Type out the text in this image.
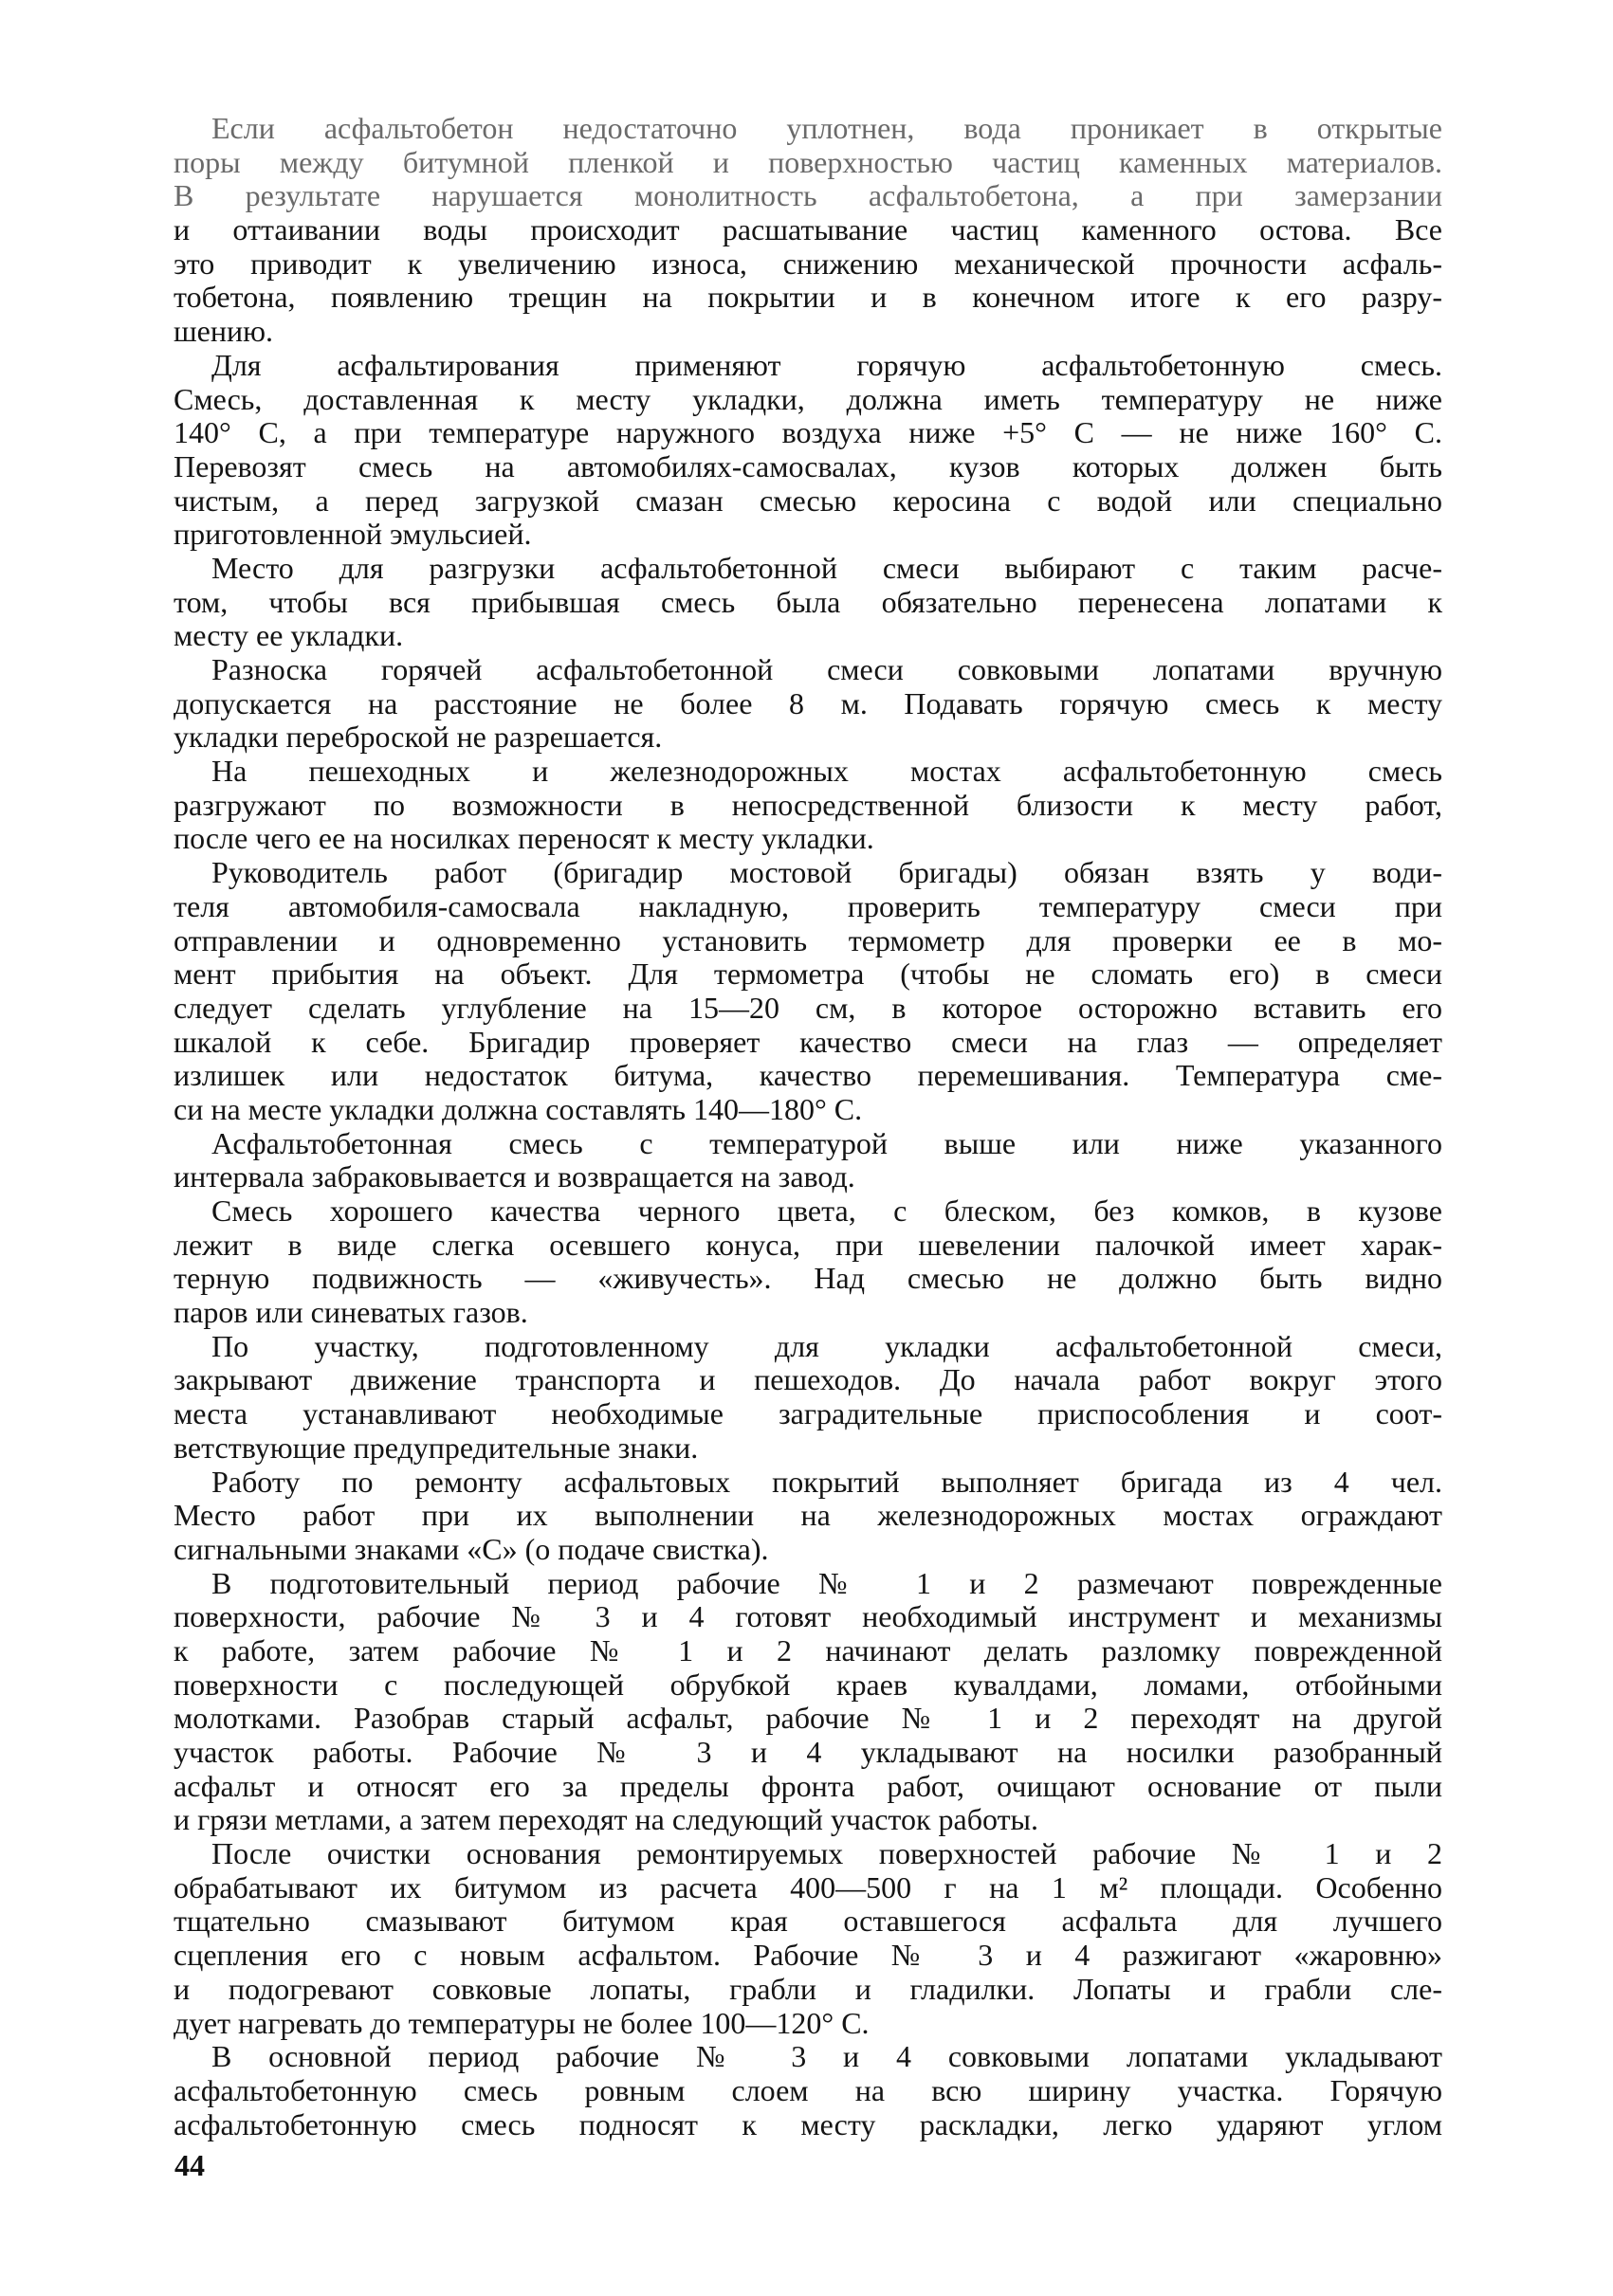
Если асфальтобетон недостаточно уплотнен, вода проникает в открытые
поры между битумной пленкой и поверхностью частиц каменных материалов.
В результате нарушается монолитность асфальтобетона, а при замерзании
и оттаивании воды происходит расшатывание частиц каменного остова. Все
это приводит к увеличению износа, снижению механической прочности асфаль-
тобетона, появлению трещин на покрытии и в конечном итоге к его разру-
шению.
Для асфальтирования применяют горячую асфальтобетонную смесь.
Смесь, доставленная к месту укладки, должна иметь температуру не ниже
140° С, а при температуре наружного воздуха ниже +5° С — не ниже 160° С.
Перевозят смесь на автомобилях-самосвалах, кузов которых должен быть
чистым, а перед загрузкой смазан смесью керосина с водой или специально
приготовленной эмульсией.
Место для разгрузки асфальтобетонной смеси выбирают с таким расче-
том, чтобы вся прибывшая смесь была обязательно перенесена лопатами к
месту ее укладки.
Разноска горячей асфальтобетонной смеси совковыми лопатами вручную
допускается на расстояние не более 8 м. Подавать горячую смесь к месту
укладки переброской не разрешается.
На пешеходных и железнодорожных мостах асфальтобетонную смесь
разгружают по возможности в непосредственной близости к месту работ,
после чего ее на носилках переносят к месту укладки.
Руководитель работ (бригадир мостовой бригады) обязан взять у води-
теля автомобиля-самосвала накладную, проверить температуру смеси при
отправлении и одновременно установить термометр для проверки ее в мо-
мент прибытия на объект. Для термометра (чтобы не сломать его) в смеси
следует сделать углубление на 15—20 см, в которое осторожно вставить его
шкалой к себе. Бригадир проверяет качество смеси на глаз — определяет
излишек или недостаток битума, качество перемешивания. Температура сме-
си на месте укладки должна составлять 140—180° С.
Асфальтобетонная смесь с температурой выше или ниже указанного
интервала забраковывается и возвращается на завод.
Смесь хорошего качества черного цвета, с блеском, без комков, в кузове
лежит в виде слегка осевшего конуса, при шевелении палочкой имеет харак-
терную подвижность — «живучесть». Над смесью не должно быть видно
паров или синеватых газов.
По участку, подготовленному для укладки асфальтобетонной смеси,
закрывают движение транспорта и пешеходов. До начала работ вокруг этого
места устанавливают необходимые заградительные приспособления и соот-
ветствующие предупредительные знаки.
Работу по ремонту асфальтовых покрытий выполняет бригада из 4 чел.
Место работ при их выполнении на железнодорожных мостах ограждают
сигнальными знаками «С» (о подаче свистка).
В подготовительный период рабочие № 1 и 2 размечают поврежденные
поверхности, рабочие № 3 и 4 готовят необходимый инструмент и механизмы
к работе, затем рабочие № 1 и 2 начинают делать разломку поврежденной
поверхности с последующей обрубкой краев кувалдами, ломами, отбойными
молотками. Разобрав старый асфальт, рабочие № 1 и 2 переходят на другой
участок работы. Рабочие № 3 и 4 укладывают на носилки разобранный
асфальт и относят его за пределы фронта работ, очищают основание от пыли
и грязи метлами, а затем переходят на следующий участок работы.
После очистки основания ремонтируемых поверхностей рабочие № 1 и 2
обрабатывают их битумом из расчета 400—500 г на 1 м² площади. Особенно
тщательно смазывают битумом края оставшегося асфальта для лучшего
сцепления его с новым асфальтом. Рабочие № 3 и 4 разжигают «жаровню»
и подогревают совковые лопаты, грабли и гладилки. Лопаты и грабли сле-
дует нагревать до температуры не более 100—120° С.
В основной период рабочие № 3 и 4 совковыми лопатами укладывают
асфальтобетонную смесь ровным слоем на всю ширину участка. Горячую
асфальтобетонную смесь подносят к месту раскладки, легко ударяют углом
44
